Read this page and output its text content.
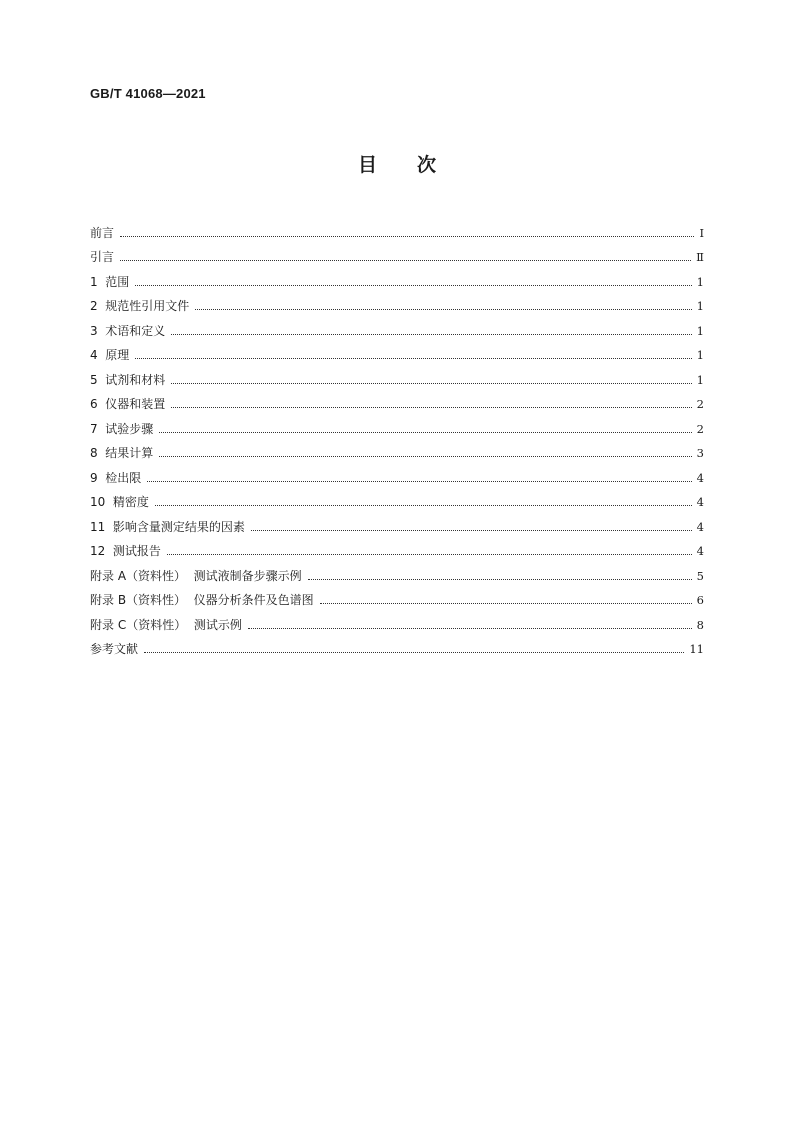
GB/T 41068—2021
目次
前言	Ⅰ
引言	Ⅱ
1  范围	1
2  规范性引用文件	1
3  术语和定义	1
4  原理	1
5  试剂和材料	1
6  仪器和装置	2
7  试验步骤	2
8  结果计算	3
9  检出限	4
10  精密度	4
11  影响含量测定结果的因素	4
12  测试报告	4
附录 A（资料性）  测试液制备步骤示例	5
附录 B（资料性）  仪器分析条件及色谱图	6
附录 C（资料性）  测试示例	8
参考文献	11
